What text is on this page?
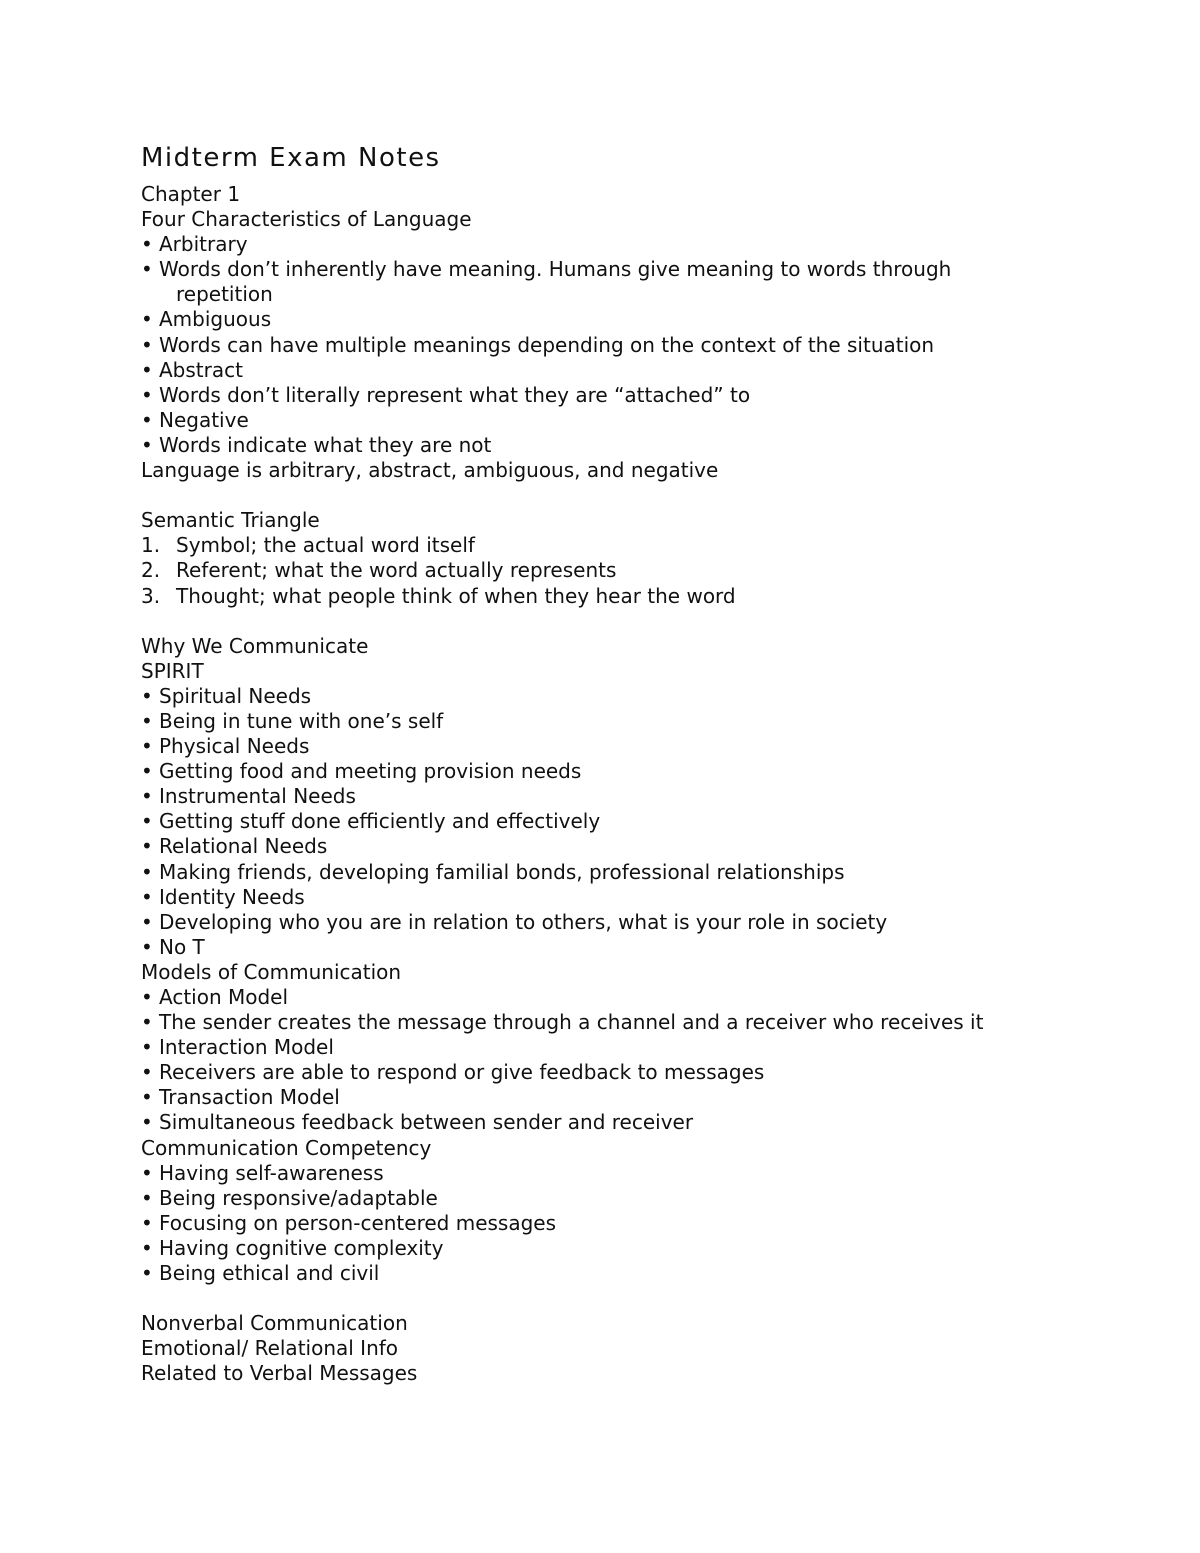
Midterm Exam Notes
Chapter 1
Four Characteristics of Language
• Arbitrary
• Words don’t inherently have meaning. Humans give meaning to words through
repetition
• Ambiguous
• Words can have multiple meanings depending on the context of the situation
• Abstract
• Words don’t literally represent what they are “attached” to
• Negative
• Words indicate what they are not
Language is arbitrary, abstract, ambiguous, and negative
Semantic Triangle
1. Symbol; the actual word itself
2. Referent; what the word actually represents
3. Thought; what people think of when they hear the word
Why We Communicate
SPIRIT
• Spiritual Needs
• Being in tune with one’s self
• Physical Needs
• Getting food and meeting provision needs
• Instrumental Needs
• Getting stuff done efficiently and effectively
• Relational Needs
• Making friends, developing familial bonds, professional relationships
• Identity Needs
• Developing who you are in relation to others, what is your role in society
• No T
Models of Communication
• Action Model
• The sender creates the message through a channel and a receiver who receives it
• Interaction Model
• Receivers are able to respond or give feedback to messages
• Transaction Model
• Simultaneous feedback between sender and receiver
Communication Competency
• Having self-awareness
• Being responsive/adaptable
• Focusing on person-centered messages
• Having cognitive complexity
• Being ethical and civil
Nonverbal Communication
Emotional/ Relational Info
Related to Verbal Messages
